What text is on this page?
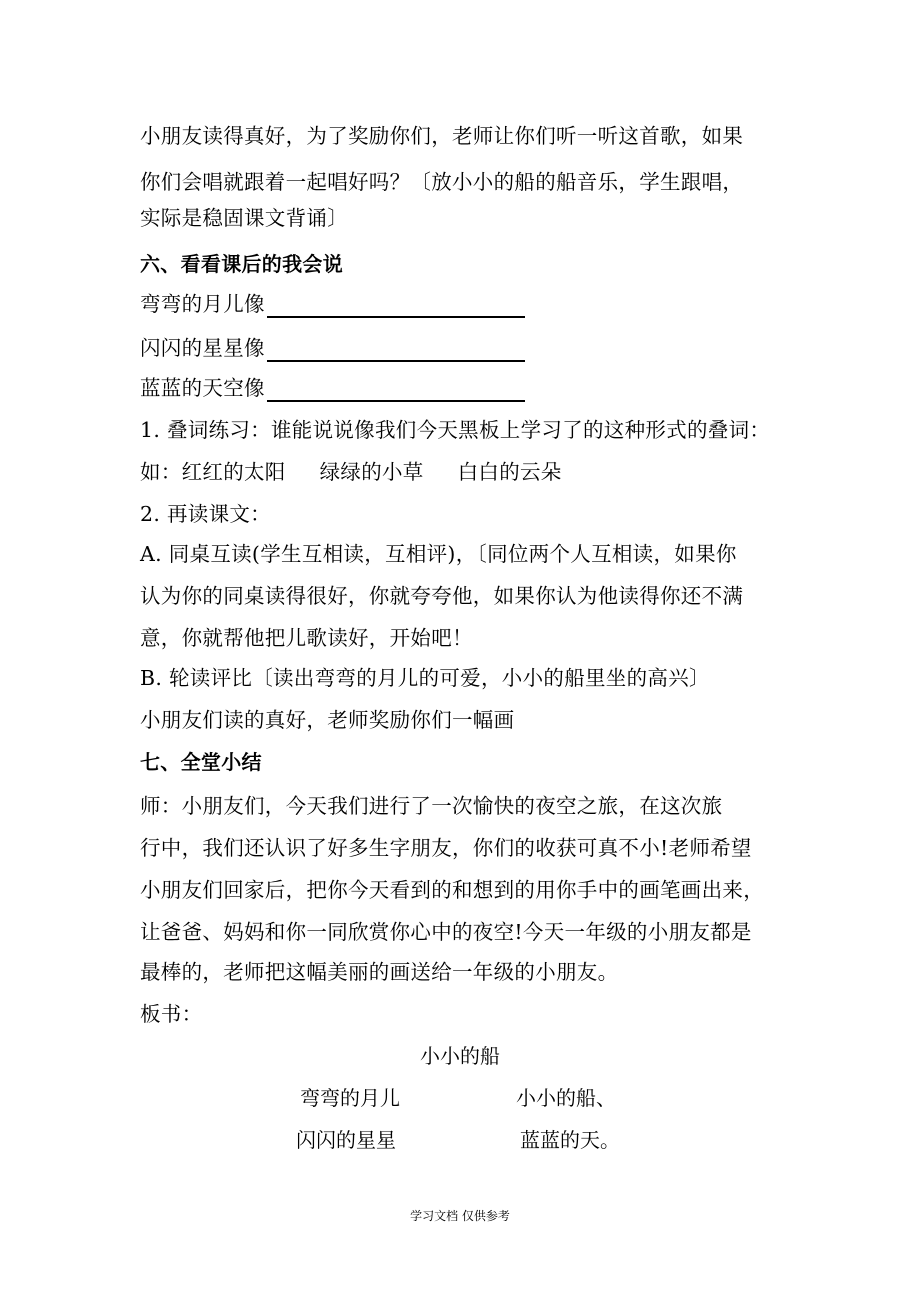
小朋友读得真好，为了奖励你们，老师让你们听一听这首歌，如果
你们会唱就跟着一起唱好吗？〔放小小的船的船音乐，学生跟唱，
实际是稳固课文背诵〕
六、看看课后的我会说
弯弯的月儿像
闪闪的星星像
蓝蓝的天空像
1. 叠词练习：谁能说说像我们今天黑板上学习了的这种形式的叠词：
如：红红的太阳 绿绿的小草 白白的云朵
2. 再读课文：
A. 同桌互读(学生互相读，互相评)，〔同位两个人互相读，如果你
认为你的同桌读得很好，你就夸夸他，如果你认为他读得你还不满
意，你就帮他把儿歌读好，开始吧！
B. 轮读评比〔读出弯弯的月儿的可爱，小小的船里坐的高兴〕
小朋友们读的真好，老师奖励你们一幅画
七、全堂小结
师：小朋友们，今天我们进行了一次愉快的夜空之旅，在这次旅
行中，我们还认识了好多生字朋友，你们的收获可真不小!老师希望
小朋友们回家后，把你今天看到的和想到的用你手中的画笔画出来，
让爸爸、妈妈和你一同欣赏你心中的夜空!今天一年级的小朋友都是
最棒的，老师把这幅美丽的画送给一年级的小朋友。
板书：
小小的船
弯弯的月儿	小小的船、
闪闪的星星	蓝蓝的天。
学习文档 仅供参考
